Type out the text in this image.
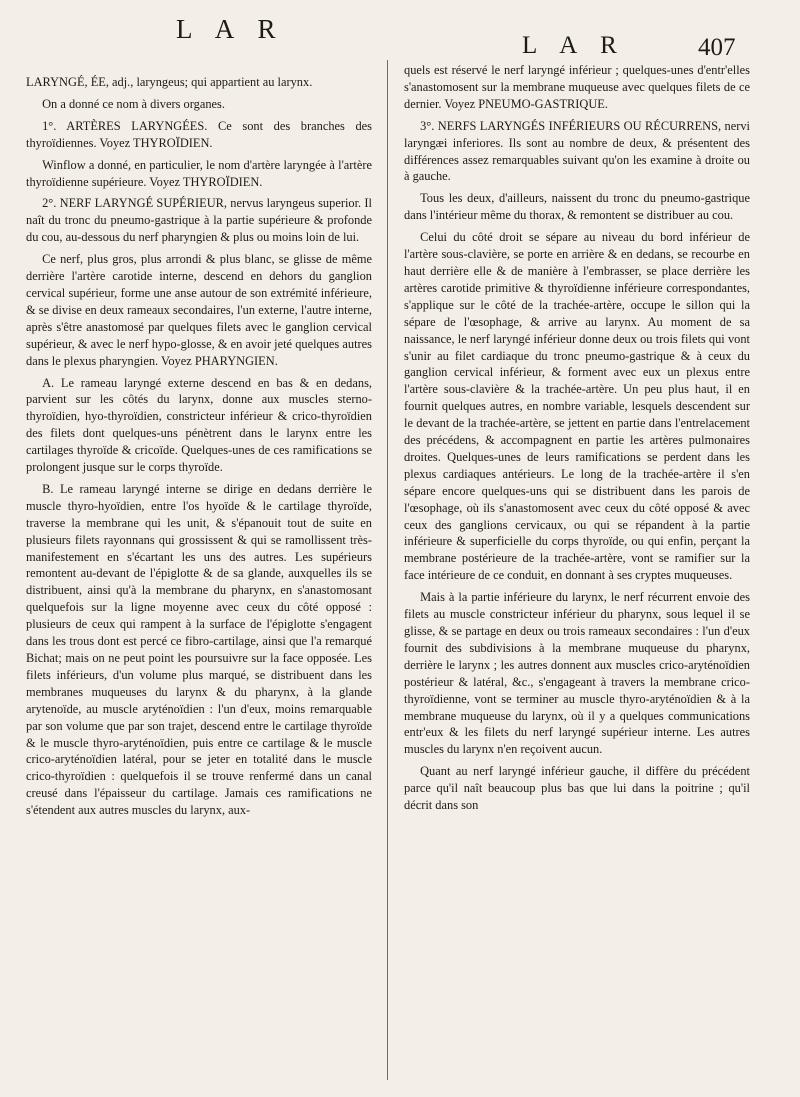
L A R
L A R	407

LARYNGÉ, ÉE, adj., laryngeus; qui appartient au larynx.

On a donné ce nom à divers organes.

1°. ARTÈRES LARYNGÉES. Ce sont des branches des thyroïdiennes. Voyez THYROÏDIEN.

Winflow a donné, en particulier, le nom d'artère laryngée à l'artère thyroïdienne supérieure. Voyez THYROÏDIEN.

2°. NERF LARYNGÉ SUPÉRIEUR, nervus laryngeus superior. Il naît du tronc du pneumo-gastrique à la partie supérieure & profonde du cou, au-dessous du nerf pharyngien & plus ou moins loin de lui.

Ce nerf, plus gros, plus arrondi & plus blanc, se glisse de même derrière l'artère carotide interne, descend en dehors du ganglion cervical supérieur, forme une anse autour de son extrémité inférieure, & se divise en deux rameaux secondaires, l'un externe, l'autre interne, après s'être anastomosé par quelques filets avec le ganglion cervical supérieur, & avec le nerf hypo-glosse, & en avoir jeté quelques autres dans le plexus pharyngien. Voyez PHARYNGIEN.

A. Le rameau laryngé externe descend en bas & en dedans, parvient sur les côtés du larynx, donne aux muscles sterno-thyroïdien, hyo-thyroïdien, constricteur inférieur & crico-thyroïdien des filets dont quelques-uns pénètrent dans le larynx entre les cartilages thyroïde & cricoïde. Quelques-unes de ces ramifications se prolongent jusque sur le corps thyroïde.

B. Le rameau laryngé interne se dirige en dedans derrière le muscle thyro-hyoïdien, entre l'os hyoïde & le cartilage thyroïde, traverse la membrane qui les unit, & s'épanouit tout de suite en plusieurs filets rayonnans qui grossissent & qui se ramollissent très-manifestement en s'écartant les uns des autres. Les supérieurs remontent au-devant de l'épiglotte & de sa glande, auxquelles ils se distribuent, ainsi qu'à la membrane du pharynx, en s'anastomosant quelquefois sur la ligne moyenne avec ceux du côté opposé : plusieurs de ceux qui rampent à la surface de l'épiglotte s'engagent dans les trous dont est percé ce fibro-cartilage, ainsi que l'a remarqué Bichat; mais on ne peut point les poursuivre sur la face opposée. Les filets inférieurs, d'un volume plus marqué, se distribuent dans les membranes muqueuses du larynx & du pharynx, à la glande arytenoïde, au muscle aryténoïdien : l'un d'eux, moins remarquable par son volume que par son trajet, descend entre le cartilage thyroïde & le muscle thyro-aryténoïdien, puis entre ce cartilage & le muscle crico-aryténoïdien latéral, pour se jeter en totalité dans le muscle crico-thyroïdien : quelquefois il se trouve renfermé dans un canal creusé dans l'épaisseur du cartilage. Jamais ces ramifications ne s'étendent aux autres muscles du larynx, aux-

quels est réservé le nerf laryngé inférieur ; quelques-unes d'entr'elles s'anastomosent sur la membrane muqueuse avec quelques filets de ce dernier. Voyez PNEUMO-GASTRIQUE.

3°. NERFS LARYNGÉS INFÉRIEURS OU RÉCURRENS, nervi laryngæi inferiores. Ils sont au nombre de deux, & présentent des différences assez remarquables suivant qu'on les examine à droite ou à gauche.

Tous les deux, d'ailleurs, naissent du tronc du pneumo-gastrique dans l'intérieur même du thorax, & remontent se distribuer au cou.

Celui du côté droit se sépare au niveau du bord inférieur de l'artère sous-clavière, se porte en arrière & en dedans, se recourbe en haut derrière elle & de manière à l'embrasser, se place derrière les artères carotide primitive & thyroïdienne inférieure correspondantes, s'applique sur le côté de la trachée-artère, occupe le sillon qui la sépare de l'œsophage, & arrive au larynx. Au moment de sa naissance, le nerf laryngé inférieur donne deux ou trois filets qui vont s'unir au filet cardiaque du tronc pneumo-gastrique & à ceux du ganglion cervical inférieur, & forment avec eux un plexus entre l'artère sous-clavière & la trachée-artère. Un peu plus haut, il en fournit quelques autres, en nombre variable, lesquels descendent sur le devant de la trachée-artère, se jettent en partie dans l'entrelacement des précédens, & accompagnent en partie les artères pulmonaires droites. Quelques-unes de leurs ramifications se perdent dans les plexus cardiaques antérieurs. Le long de la trachée-artère il s'en sépare encore quelques-uns qui se distribuent dans les parois de l'œsophage, où ils s'anastomosent avec ceux du côté opposé & avec ceux des ganglions cervicaux, ou qui se répandent à la partie inférieure & superficielle du corps thyroïde, ou qui enfin, perçant la membrane postérieure de la trachée-artère, vont se ramifier sur la face intérieure de ce conduit, en donnant à ses cryptes muqueuses.

Mais à la partie inférieure du larynx, le nerf récurrent envoie des filets au muscle constricteur inférieur du pharynx, sous lequel il se glisse, & se partage en deux ou trois rameaux secondaires : l'un d'eux fournit des subdivisions à la membrane muqueuse du pharynx, derrière le larynx ; les autres donnent aux muscles crico-aryténoïdien postérieur & latéral, &c., s'engageant à travers la membrane crico-thyroïdienne, vont se terminer au muscle thyro-aryténoïdien & à la membrane muqueuse du larynx, où il y a quelques communications entr'eux & les filets du nerf laryngé supérieur interne. Les autres muscles du larynx n'en reçoivent aucun.

Quant au nerf laryngé inférieur gauche, il diffère du précédent parce qu'il naît beaucoup plus bas que lui dans la poitrine ; qu'il décrit dans son
